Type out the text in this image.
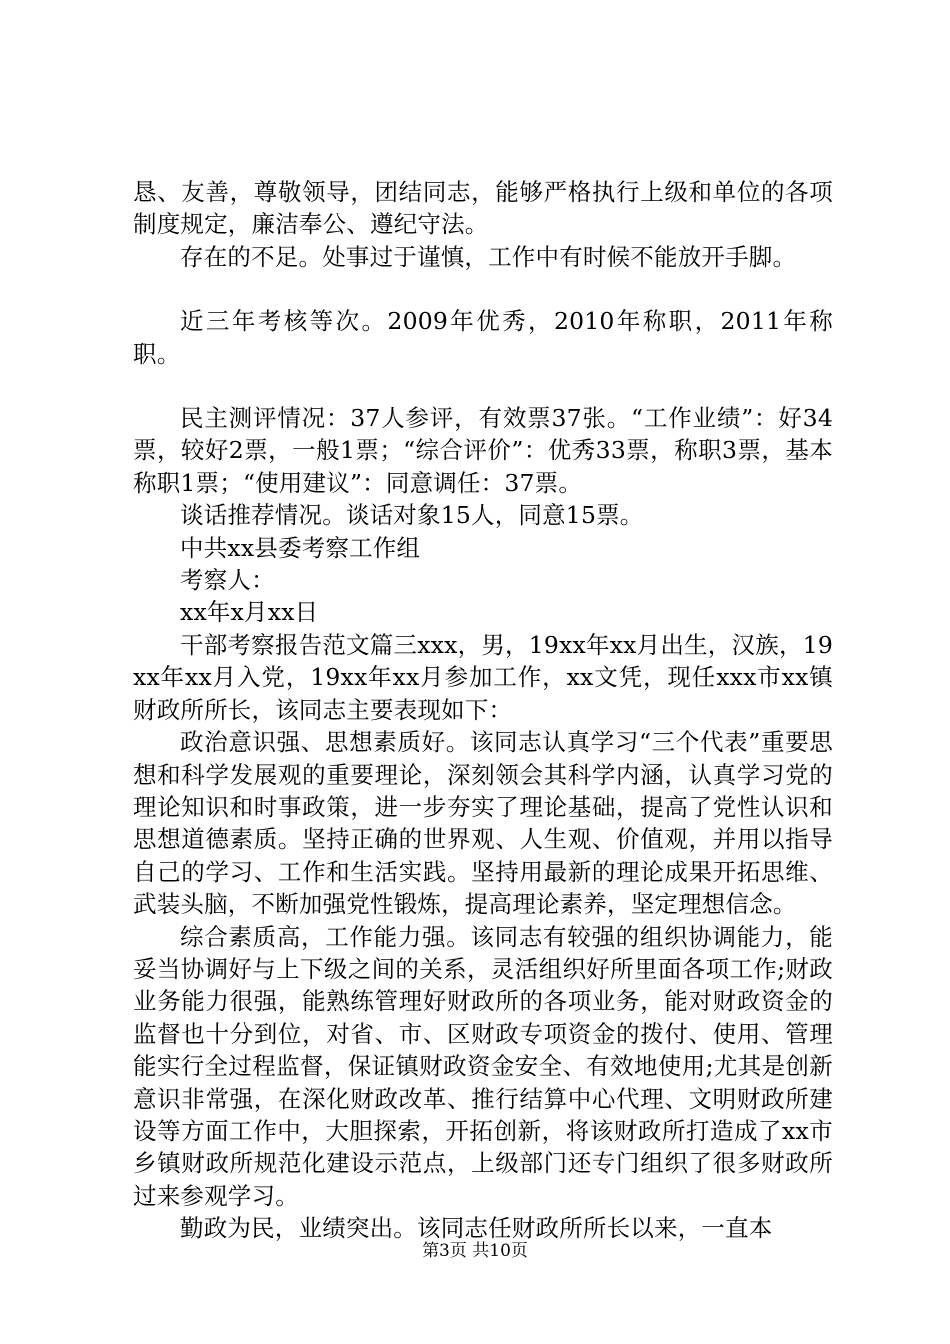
恳、友善，尊敬领导，团结同志，能够严格执行上级和单位的各项制度规定，廉洁奉公、遵纪守法。

存在的不足。处事过于谨慎，工作中有时候不能放开手脚。

近三年考核等次。2009年优秀，2010年称职，2011年称职。

民主测评情况：37人参评，有效票37张。“工作业绩”：好34票，较好2票，一般1票；“综合评价”：优秀33票，称职3票，基本称职1票；“使用建议”：同意调任：37票。

谈话推荐情况。谈话对象15人，同意15票。

中共xx县委考察工作组

考察人：

xx年x月xx日

干部考察报告范文篇三xxx，男，19xx年xx月出生，汉族，19xx年xx月入党，19xx年xx月参加工作，xx文凭，现任xxx市xx镇财政所所长，该同志主要表现如下：

政治意识强、思想素质好。该同志认真学习“三个代表”重要思想和科学发展观的重要理论，深刻领会其科学内涵，认真学习党的理论知识和时事政策，进一步夯实了理论基础，提高了党性认识和思想道德素质。坚持正确的世界观、人生观、价值观，并用以指导自己的学习、工作和生活实践。坚持用最新的理论成果开拓思维、武装头脑，不断加强党性锻炼，提高理论素养，坚定理想信念。

综合素质高，工作能力强。该同志有较强的组织协调能力，能妥当协调好与上下级之间的关系，灵活组织好所里面各项工作;财政业务能力很强，能熟练管理好财政所的各项业务，能对财政资金的监督也十分到位，对省、市、区财政专项资金的拨付、使用、管理能实行全过程监督，保证镇财政资金安全、有效地使用;尤其是创新意识非常强，在深化财政改革、推行结算中心代理、文明财政所建设等方面工作中，大胆探索，开拓创新，将该财政所打造成了xx市乡镇财政所规范化建设示范点，上级部门还专门组织了很多财政所过来参观学习。

勤政为民，业绩突出。该同志任财政所所长以来，一直本

第3页 共10页
